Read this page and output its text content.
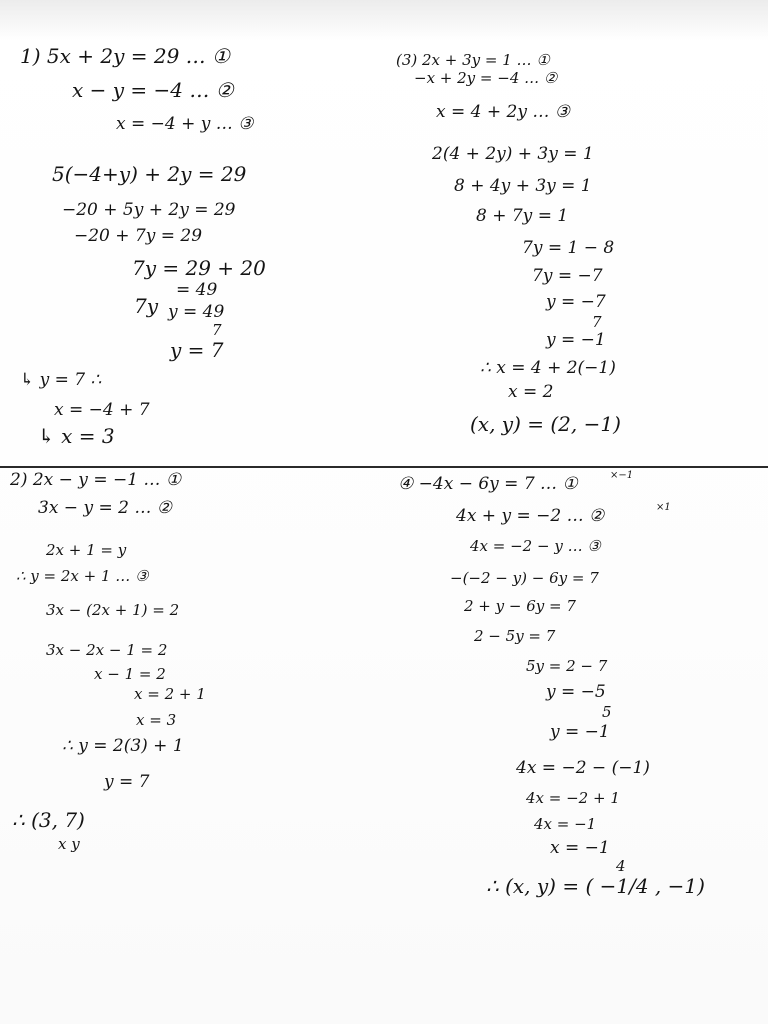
1) 5x + 2y = 29 … ①
x − y = −4 … ②
x = −4 + y … ③
5(−4+y) + 2y = 29
−20 + 5y + 2y = 29
−20 + 7y = 29
7y = 29 + 20
= 49
7y y = 49
7
y = 7
↳ y = 7 ∴
x = −4 + 7
↳ x = 3
(3) 2x + 3y = 1 … ①
−x + 2y = −4 … ②
x = 4 + 2y … ③
2(4 + 2y) + 3y = 1
8 + 4y + 3y = 1
8 + 7y = 1
7y = 1 − 8
7y = −7
y = −7
7
y = −1
∴ x = 4 + 2(−1)
x = 2
(x, y) = (2, −1)
2) 2x − y = −1 … ①
3x − y = 2 … ②
2x + 1 = y
∴ y = 2x + 1 … ③
3x − (2x + 1) = 2
3x − 2x − 1 = 2
x − 1 = 2
x = 2 + 1
x = 3
∴ y = 2(3) + 1
y = 7
∴ (3, 7)
x y
④ −4x − 6y = 7 … ①	×−1
4x + y = −2 … ②	×1
4x = −2 − y … ③
−(−2 − y) − 6y = 7
2 + y − 6y = 7
2 − 5y = 7
5y = 2 − 7
y = −5
5
y = −1
4x = −2 − (−1)
4x = −2 + 1
4x = −1
x = −1
4
∴ (x, y) = ( −1/4 , −1)
